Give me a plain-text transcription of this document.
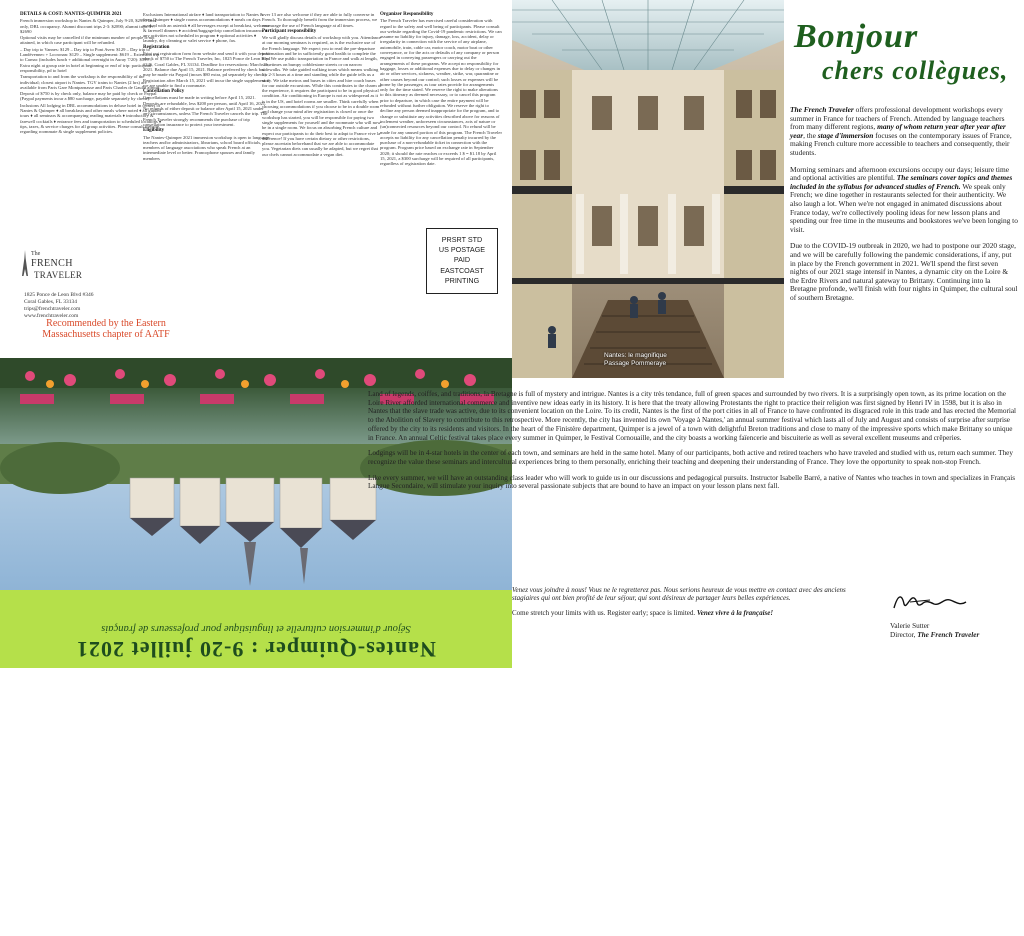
DETAILS & COST: NANTES-QUIMPER 2021

French immersion workshop in Nantes & Quimper, July 9-20, $2990 land only, DBL occupancy. Alumni discount trips 2-3: $2890; alumni trips 4+: $2690

Optional visits may be cancelled if the minimum number of people is not attained, in which case participant will be refunded.

– Day trip to Vannes: $129 – Day trip to Pont Aven: $129 – Day trip to Landévennec + Locronan: $129 – Single supplement: $619 – Extension trip to Carnac (includes lunch + additional overnight in Auray 7/20): $599 – Extra night at group rate in hotel at beginning or end of trip: participant responsibility, pd to hotel

Transportation to and from the workshop is the responsibility of the individual; closest airport is Nantes. TGV trains to Nantes (2 hrs) are available from Paris Gare Montparnasse and Paris Charles de Gaulle airport.

Deposit of $750 is by check only, balance may be paid by check or Paypal (Paypal payments incur a $80 surcharge, payable separately by check).

Inclusions All lodging in DBL accommodations in deluxe hotel in centers of Nantes & Quimper ♦ all breakfasts and other meals where noted ♦ all guided tours ♦ all seminars & accompanying reading materials ♦ introductory & farewell cocktails ♦ entrance fees and transportation to scheduled locations ♦ tips, taxes, & service charges for all group activities. Please consult website regarding roommate & single supplement policies.

Exclusions International airfare ♦ land transportation to Nantes & from Quimper ♦ single rooms accommodations ♦ meals on days marked with an asterisk ♦ all beverages except at breakfast, welcome & farewell dinners ♦ accident/baggage/trip cancellation insurance ♦ any activities not scheduled in program ♦ optional activities ♦ laundry, dry cleaning or valet service ♦ phone, fax.

Registration

Print out registration form from website and send it with your deposit check of $750 to The French Traveler, Inc, 1825 Ponce de Leon Blvd #346, Coral Gables, FL 33134. Deadline for reservations: March 15, 2021. Balance due April 15, 2021. Balance preferred by check but may be made via Paypal (incurs $80 extra, pd separately by check). Registration after March 15, 2021 will incur the single supplement if we are unable to find a roommate.

Cancellation Policy

Cancellations must be made in writing before April 15, 2021. Deposits are refundable, less $200 per person, until April 16, 2021. No refunds of either deposit or balance after April 15, 2021 under any circumstances, unless The French Traveler cancels the trip. The French Traveler strongly recommends the purchase of trip cancellation insurance to protect your investment.

Eligibility

The Nantes-Quimper 2021 immersion workshop is open to language teachers and/or administrators, librarians, school board officials, members of language associations who speak French at an intermediate level or better. Francophone spouses and family members

over 13 are also welcome if they are able to fully converse in French. To thoroughly benefit from the immersion process, we encourage the use of French language at all times.

Participant responsibility

We will gladly discuss details of workshop with you. Attendance at our morning seminars is required, as is the exclusive use of the French language. We expect you to read the pre-departure information and be in sufficiently good health to complete the trip. We use public transportation in France and walk at length, sometimes on bumpy cobblestone streets or on narrow sidewalks. We take guided walking tours which means walking for 2-3 hours at a time and standing while the guide tells us a story. We take metros and buses in cities and hire coach buses for our outside excursions. While this contributes to the charm of the experience, it requires the participant to be in good physical condition. Air conditioning in Europe is not as widespread as it is in the US, and hotel rooms are smaller. Think carefully when choosing accommodations if you choose to be in a double room and change your mind after registration is closed or once the workshop has started, you will be responsible for paying two single supplements for yourself and the roommate who will now be in a single room. We focus on absorbing French culture and expect our participants to do their best to adapt to France vive la différence! If you have certain dietary or other restrictions, please ascertain beforehand that we are able to accommodate you. Vegetarian diets can usually be adapted, but we regret that our chefs cannot accommodate a vegan diet.

Organizer Responsibility

The French Traveler has exercised careful consideration with regard to the safety and well being of participants. Please consult our website regarding the Covid-19 pandemic restrictions. We can assume no liability for injury, damage, loss, accident, delay or irregularity in connection with the service of any airplane, automobile, train, cable car, motor coach, motor boat or other conveyance, or for the acts or defaults of any company or person engaged in conveying passengers or carrying out the arrangements of these programs. We accept no responsibility for baggage, losses or additional expenses due to delay or changes in air or other services, sickness, weather, strike, war, quarantine or other causes beyond our control; such losses or expenses will be borne by the passenger, as tour rates provide for arrangements only for the time stated. We reserve the right to make alterations to this itinerary as deemed necessary, or to cancel this program prior to departure, in which case the entire payment will be refunded without further obligation. We reserve the right to decline any person deemed inappropriate for the program, and to change or substitute any activities described above for reasons of inclement weather, unforeseen circumstances, acts of nature or (un)connected resources beyond our control. No refund will be made for any unused portion of this program. The French Traveler accepts no liability for any cancellation penalty incurred by the purchase of a non-refundable ticket in connection with the program. Program price based on exchange rate in September 2020; it should the rate reaches or exceeds 1 $ = $1.18 by April 15, 2021, a $300 surcharge will be required of all participants, regardless of registration date.

PRSRT STD
US POSTAGE
PAID
EASTCOAST
PRINTING
The
FRENCH
TRAVELER
1825 Ponce de Leon Blvd #346
Coral Gables, FL 33134
trips@frenchtraveler.com
www.frenchtraveler.com
Recommended by the Eastern Massachusetts chapter of AATF
Quimper : Sous le charme de l'Odet
Nantes-Quimper : 9-20 juillet 2021
Séjour d'immersion culturelle et linguistique pour professeurs de français
Nantes: le magnifique
Passage Pommeraye
Bonjour
chers collègues,

The French Traveler offers professional development workshops every summer in France for teachers of French. Attended by language teachers from many different regions, many of whom return year after year after year, the stage d'immersion focuses on the contemporary issues of France, making French culture more accessible to teachers and consequently, their students.

Morning seminars and afternoon excursions occupy our days; leisure time and optional activities are plentiful. The seminars cover topics and themes included in the syllabus for advanced studies of French. We speak only French; we dine together in restaurants selected for their authenticity. We also laugh a lot. When we're not engaged in animated discussions about France today, we're collectively pooling ideas for new lesson plans and spending our free time in the museums and bookstores we've been longing to visit.

Due to the COVID-19 outbreak in 2020, we had to postpone our 2020 stage, and we will be carefully following the pandemic considerations, if any, put in place by the French government in 2021. We'll spend the first seven nights of our 2021 stage intensif in Nantes, a dynamic city on the Loire & the Erdre Rivers and natural gateway to Brittany. Continuing into la Bretagne profonde, we'll finish with four nights in Quimper, the cultural soul of southern Bretagne.

Land of legends, coiffes, and traditions, la Bretagne is full of mystery and intrigue. Nantes is a city très tendance, full of green spaces and surrounded by two rivers. It is a surprisingly open town, as its prime location on the Loire River afforded international commerce and inventive new ideas early in its history. It is here that the treaty allowing Protestants the right to practice their religion was first signed by Henri IV in 1598, but it is also in Nantes that the slave trade was active, due to its convenient location on the Loire. To its credit, Nantes is the first of the port cities in all of France to have confronted its disgraced role in this trade and has erected the Memorial to the Abolition of Slavery to contribute to this retrospective. More recently, the city has invented its own 'Voyage à Nantes,' an annual summer festival which lasts all of July and August and consists of surprise after surprise offered by the city to its residents and visitors. In the heart of the Finistère department, Quimper is a jewel of a town with delightful Breton traditions and close to many of the impressive sports which make Brittany so unique in France. An annual Celtic festival takes place every summer in Quimper, le Festival Cornouaille, and the city boasts a working faïencerie and biscuiterie as well as several excellent museums and crêperies.

Lodgings will be in 4-star hotels in the center of each town, and seminars are held in the same hotel. Many of our participants, both active and retired teachers who have traveled and studied with us, return each summer. They recognize the value these seminars and intercultural experiences bring to them personally, enriching their teaching and deepening their understanding of France. They love the opportunity to speak non-stop French.

Like every summer, we will have an outstanding class leader who will work to guide us in our discussions and pedagogical pursuits. Instructor Isabelle Barré, a native of Nantes who teaches in town and specializes in Français Langue Secondaire, will stimulate your inquiry into several passionate subjects that are bound to have an impact on your lesson plans next fall.

Venez vous joindre à nous! Vous ne le regretterez pas. Nous serions heureux de vous mettre en contact avec des anciens stagiaires qui ont bien profité de leur séjour, qui sont désireux de partager leurs belles expériences.

Come stretch your limits with us. Register early; space is limited. Venez vivre à la française!

Valerie Sutter
Director, The French Traveler
